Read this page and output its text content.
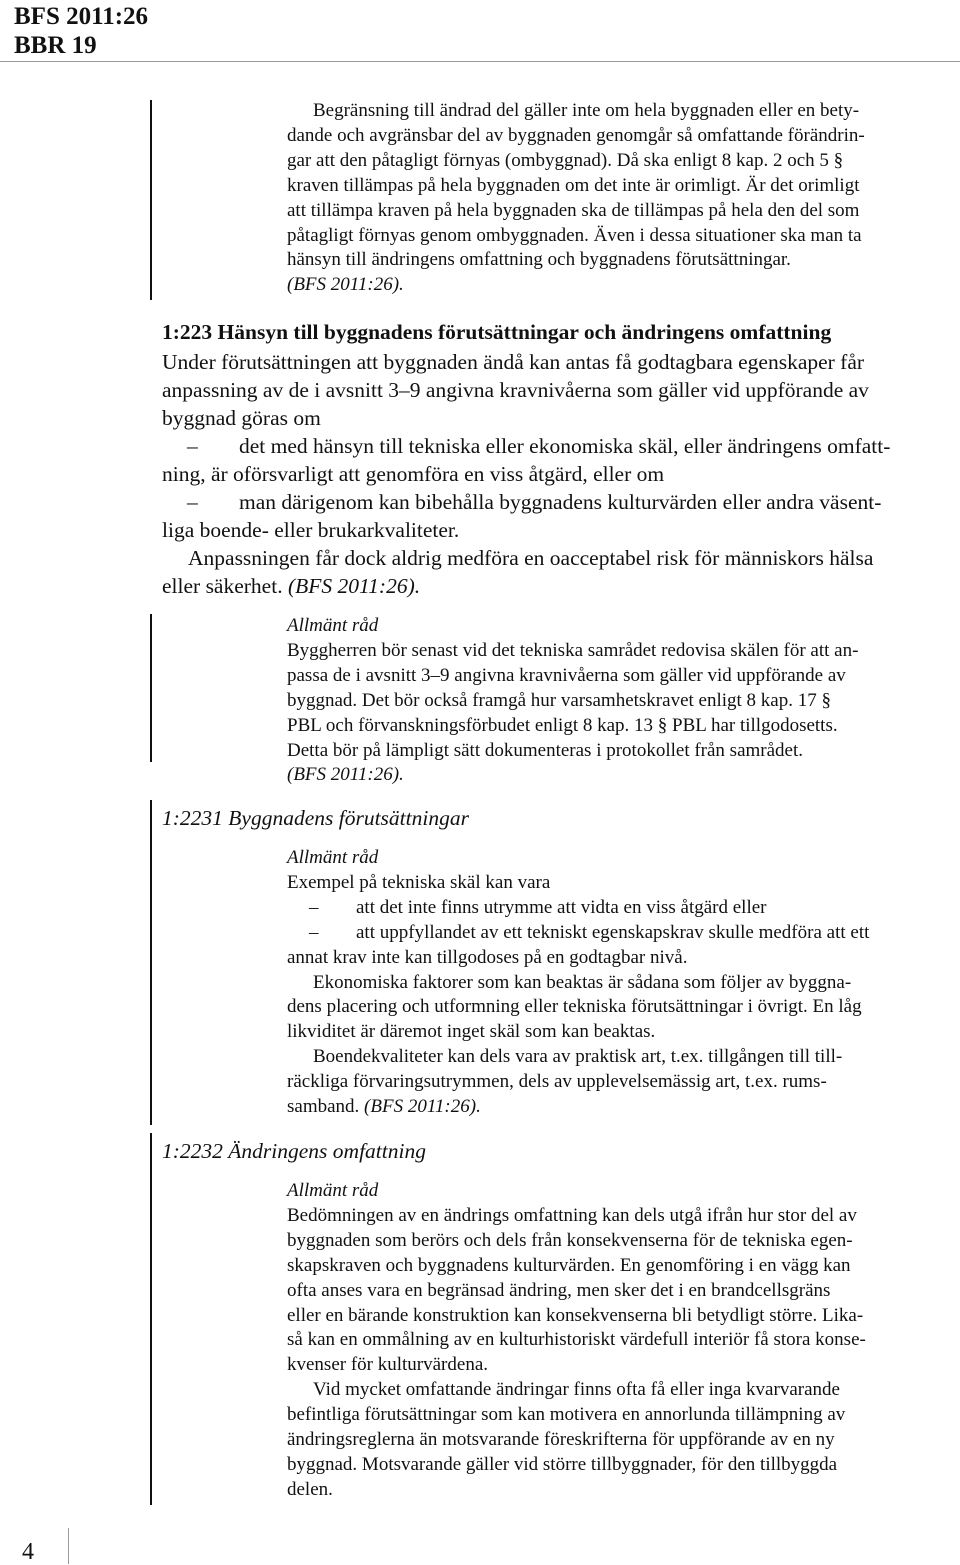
BFS 2011:26
BBR 19
Begränsning till ändrad del gäller inte om hela byggnaden eller en bety-
dande och avgränsbar del av byggnaden genomgår så omfattande förändrin-
gar att den påtagligt förnyas (ombyggnad). Då ska enligt 8 kap. 2 och 5 §
kraven tillämpas på hela byggnaden om det inte är orimligt. Är det orimligt
att tillämpa kraven på hela byggnaden ska de tillämpas på hela den del som
påtagligt förnyas genom ombyggnaden. Även i dessa situationer ska man ta
hänsyn till ändringens omfattning och byggnadens förutsättningar.
(BFS 2011:26).
1:223 Hänsyn till byggnadens förutsättningar och ändringens omfattning
Under förutsättningen att byggnaden ändå kan antas få godtagbara egenskaper får
anpassning av de i avsnitt 3–9 angivna kravnivåerna som gäller vid uppförande av
byggnad göras om
– det med hänsyn till tekniska eller ekonomiska skäl, eller ändringens omfatt-
ning, är oförsvarligt att genomföra en viss åtgärd, eller om
– man därigenom kan bibehålla byggnadens kulturvärden eller andra väsent-
liga boende- eller brukarkvaliteter.
Anpassningen får dock aldrig medföra en oacceptabel risk för människors hälsa
eller säkerhet. (BFS 2011:26).
Allmänt råd
Byggherren bör senast vid det tekniska samrådet redovisa skälen för att an-
passa de i avsnitt 3–9 angivna kravnivåerna som gäller vid uppförande av
byggnad. Det bör också framgå hur varsamhetskravet enligt 8 kap. 17 §
PBL och förvanskningsförbudet enligt 8 kap. 13 § PBL har tillgodosetts.
Detta bör på lämpligt sätt dokumenteras i protokollet från samrådet.
(BFS 2011:26).
1:2231 Byggnadens förutsättningar
Allmänt råd
Exempel på tekniska skäl kan vara
– att det inte finns utrymme att vidta en viss åtgärd eller
– att uppfyllandet av ett tekniskt egenskapskrav skulle medföra att ett
annat krav inte kan tillgodoses på en godtagbar nivå.
Ekonomiska faktorer som kan beaktas är sådana som följer av byggna-
dens placering och utformning eller tekniska förutsättningar i övrigt. En låg
likviditet är däremot inget skäl som kan beaktas.
Boendekvaliteter kan dels vara av praktisk art, t.ex. tillgången till till-
räckliga förvaringsutrymmen, dels av upplevelsemässig art, t.ex. rums-
samband. (BFS 2011:26).
1:2232 Ändringens omfattning
Allmänt råd
Bedömningen av en ändrings omfattning kan dels utgå ifrån hur stor del av
byggnaden som berörs och dels från konsekvenserna för de tekniska egen-
skapskraven och byggnadens kulturvärden. En genomföring i en vägg kan
ofta anses vara en begränsad ändring, men sker det i en brandcellsgräns
eller en bärande konstruktion kan konsekvenserna bli betydligt större. Lika-
så kan en ommålning av en kulturhistoriskt värdefull interiör få stora konse-
kvenser för kulturvärdena.
Vid mycket omfattande ändringar finns ofta få eller inga kvarvarande
befintliga förutsättningar som kan motivera en annorlunda tillämpning av
ändringsreglerna än motsvarande föreskrifterna för uppförande av en ny
byggnad. Motsvarande gäller vid större tillbyggnader, för den tillbyggda
delen.
4
